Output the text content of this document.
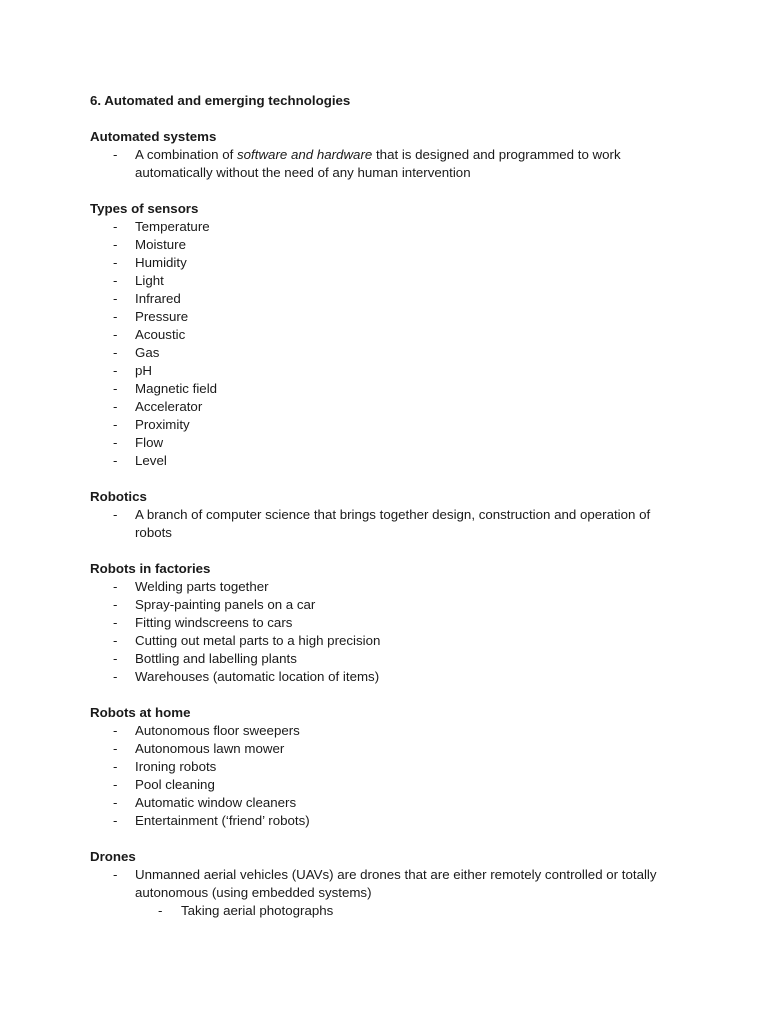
6. Automated and emerging technologies
Automated systems
- A combination of software and hardware that is designed and programmed to work automatically without the need of any human intervention
Types of sensors
- Temperature
- Moisture
- Humidity
- Light
- Infrared
- Pressure
- Acoustic
- Gas
- pH
- Magnetic field
- Accelerator
- Proximity
- Flow
- Level
Robotics
- A branch of computer science that brings together design, construction and operation of robots
Robots in factories
- Welding parts together
- Spray-painting panels on a car
- Fitting windscreens to cars
- Cutting out metal parts to a high precision
- Bottling and labelling plants
- Warehouses (automatic location of items)
Robots at home
- Autonomous floor sweepers
- Autonomous lawn mower
- Ironing robots
- Pool cleaning
- Automatic window cleaners
- Entertainment (‘friend’ robots)
Drones
- Unmanned aerial vehicles (UAVs) are drones that are either remotely controlled or totally autonomous (using embedded systems)
- Taking aerial photographs
